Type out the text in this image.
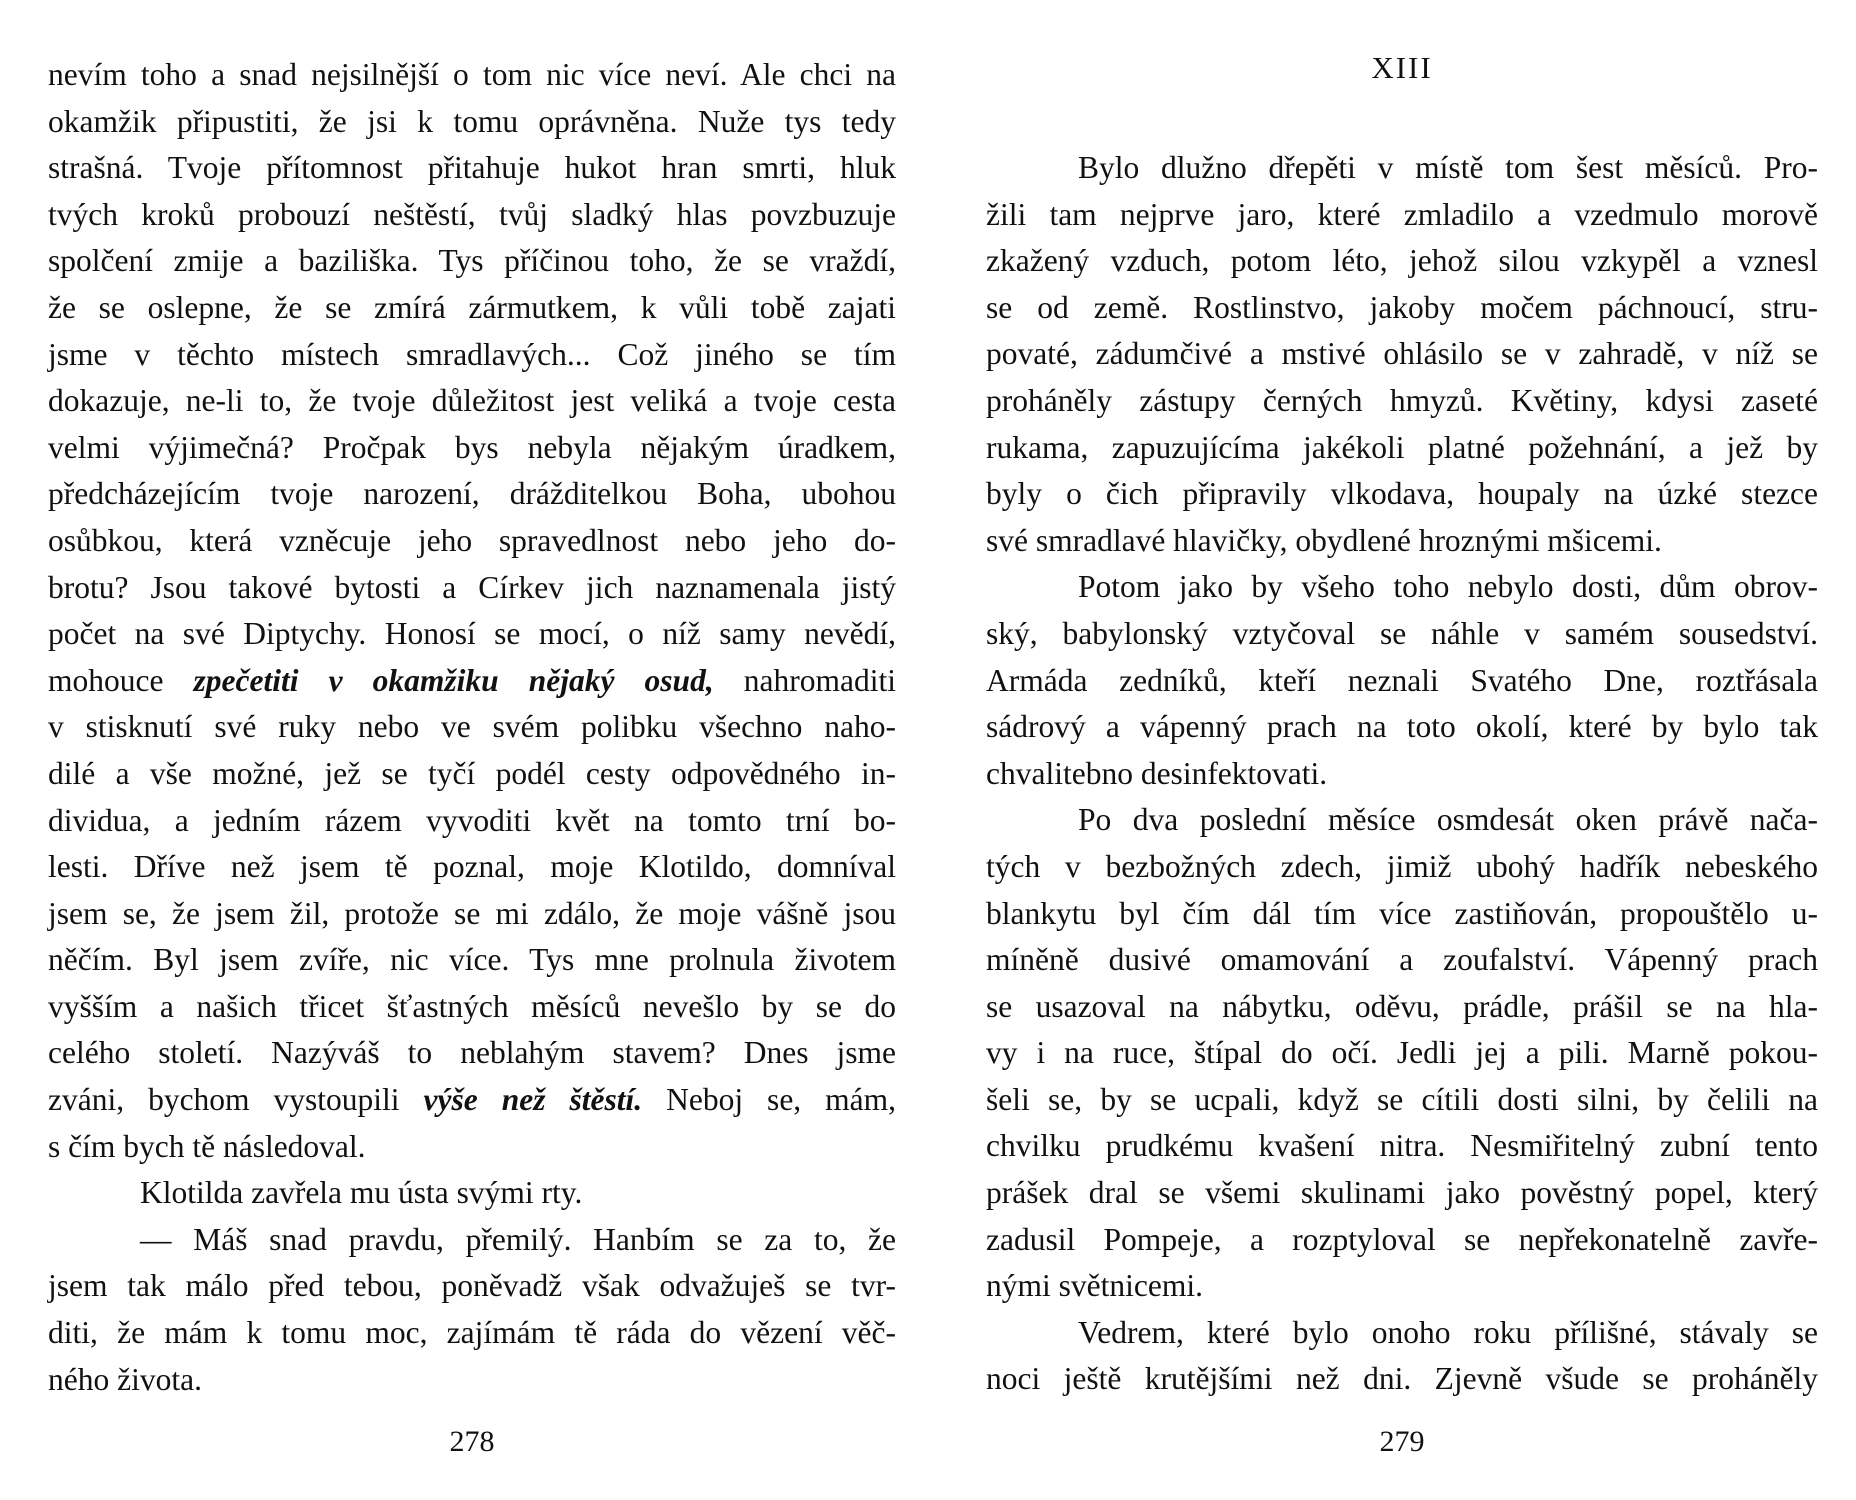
nevím toho a snad nejsilnější o tom nic více neví. Ale chci na
okamžik připustiti, že jsi k tomu oprávněna. Nuže tys tedy
strašná. Tvoje přítomnost přitahuje hukot hran smrti, hluk
tvých kroků probouzí neštěstí, tvůj sladký hlas povzbuzuje
spolčení zmije a baziliška. Tys příčinou toho, že se vraždí,
že se oslepne, že se zmírá zármutkem, k vůli tobě zajati
jsme v těchto místech smradlavých... Což jiného se tím
dokazuje, ne-li to, že tvoje důležitost jest veliká a tvoje cesta
velmi výjimečná? Pročpak bys nebyla nějakým úradkem,
předcházejícím tvoje narození, drážditelkou Boha, ubohou
osůbkou, která vzněcuje jeho spravedlnost nebo jeho do-
brotu? Jsou takové bytosti a Církev jich naznamenala jistý
počet na své Diptychy. Honosí se mocí, o níž samy nevědí,
mohouce zpečetiti v okamžiku nějaký osud, nahromaditi
v stisknutí své ruky nebo ve svém polibku všechno naho-
dilé a vše možné, jež se tyčí podél cesty odpovědného in-
dividua, a jedním rázem vyvoditi květ na tomto trní bo-
lesti. Dříve než jsem tě poznal, moje Klotildo, domníval
jsem se, že jsem žil, protože se mi zdálo, že moje vášně jsou
něčím. Byl jsem zvíře, nic více. Tys mne prolnula životem
vyšším a našich třicet šťastných měsíců nevešlo by se do
celého století. Nazýváš to neblahým stavem? Dnes jsme
zváni, bychom vystoupili výše než štěstí. Neboj se, mám,
s čím bych tě následoval.
Klotilda zavřela mu ústa svými rty.
— Máš snad pravdu, přemilý. Hanbím se za to, že
jsem tak málo před tebou, poněvadž však odvažuješ se tvr-
diti, že mám k tomu moc, zajímám tě ráda do vězení věč-
ného života.
278
XIII
Bylo dlužno dřepěti v místě tom šest měsíců. Pro-
žili tam nejprve jaro, které zmladilo a vzedmulo morově
zkažený vzduch, potom léto, jehož silou vzkypěl a vznesl
se od země. Rostlinstvo, jakoby močem páchnoucí, stru-
povaté, zádumčivé a mstivé ohlásilo se v zahradě, v níž se
proháněly zástupy černých hmyzů. Květiny, kdysi zaseté
rukama, zapuzujícíma jakékoli platné požehnání, a jež by
byly o čich připravily vlkodava, houpaly na úzké stezce
své smradlavé hlavičky, obydlené hroznými mšicemi.
Potom jako by všeho toho nebylo dosti, dům obrov-
ský, babylonský vztyčoval se náhle v samém sousedství.
Armáda zedníků, kteří neznali Svatého Dne, roztřásala
sádrový a vápenný prach na toto okolí, které by bylo tak
chvalitebno desinfektovati.
Po dva poslední měsíce osmdesát oken právě nača-
tých v bezbožných zdech, jimiž ubohý hadřík nebeského
blankytu byl čím dál tím více zastiňován, propouštělo u-
míněně dusivé omamování a zoufalství. Vápenný prach
se usazoval na nábytku, oděvu, prádle, prášil se na hla-
vy i na ruce, štípal do očí. Jedli jej a pili. Marně pokou-
šeli se, by se ucpali, když se cítili dosti silni, by čelili na
chvilku prudkému kvašení nitra. Nesmiřitelný zubní tento
prášek dral se všemi skulinami jako pověstný popel, který
zadusil Pompeje, a rozptyloval se nepřekonatelně zavře-
nými světnicemi.
Vedrem, které bylo onoho roku přílišné, stávaly se
noci ještě krutějšími než dni. Zjevně všude se proháněly
279
